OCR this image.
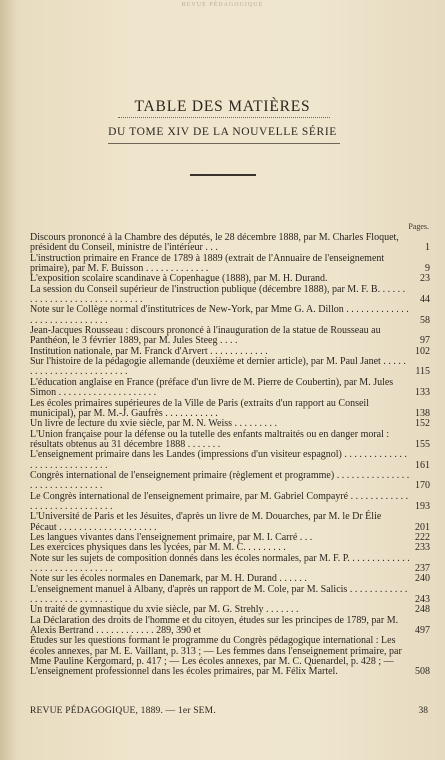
REVUE PÉDAGOGIQUE
TABLE DES MATIÈRES
DU TOME XIV DE LA NOUVELLE SÉRIE
Pages.
Discours prononcé à la Chambre des députés, le 28 décembre 1888, par M. Charles Floquet, président du Conseil, ministre de l'intérieur . . .	1
L'instruction primaire en France de 1789 à 1889 (extrait de l'Annuaire de l'enseignement primaire), par M. F. Buisson . . . . . . . . . . . . .	9
L'exposition scolaire scandinave à Copenhague (1888), par M. H. Durand.	23
La session du Conseil supérieur de l'instruction publique (décembre 1888), par M. F. B. . . . . . . . . . . . . . . . . . . . . . . . . . . . .	44
Note sur le Collège normal d'institutrices de New-York, par Mme G. A. Dillon . . . . . . . . . . . . . . . . . . . . . . . . . . . . .	58
Jean-Jacques Rousseau : discours prononcé à l'inauguration de la statue de Rousseau au Panthéon, le 3 février 1889, par M. Jules Steeg . . . .	97
Institution nationale, par M. Franck d'Arvert . . . . . . . . . . . .	102
Sur l'histoire de la pédagogie allemande (deuxième et dernier article), par M. Paul Janet . . . . . . . . . . . . . . . . . . . . . . . . .	115
L'éducation anglaise en France (préface d'un livre de M. Pierre de Coubertin), par M. Jules Simon . . . . . . . . . . . . . . . . . . . .	133
Les écoles primaires supérieures de la Ville de Paris (extraits d'un rapport au Conseil municipal), par M. M.-J. Gaufrès . . . . . . . . . . .	138
Un livre de lecture du xvie siècle, par M. N. Weiss . . . . . . . . .	152
L'Union française pour la défense ou la tutelle des enfants maltraités ou en danger moral : résultats obtenus au 31 décembre 1888 . . . . . . .	155
L'enseignement primaire dans les Landes (impressions d'un visiteur espagnol) . . . . . . . . . . . . . . . . . . . . . . . . . . . . .	161
Congrès international de l'enseignement primaire (règlement et programme) . . . . . . . . . . . . . . . . . . . . . . . . . . . . . .	170
Le Congrès international de l'enseignement primaire, par M. Gabriel Compayré . . . . . . . . . . . . . . . . . . . . . . . . . . . . .	193
L'Université de Paris et les Jésuites, d'après un livre de M. Douarches, par M. le Dr Élie Pécaut . . . . . . . . . . . . . . . . . . . .	201
Les langues vivantes dans l'enseignement primaire, par M. I. Carré . . .	222
Les exercices physiques dans les lycées, par M. M. C. . . . . . . . .	233
Note sur les sujets de composition donnés dans les écoles normales, par M. F. P. . . . . . . . . . . . . . . . . . . . . . . . . . . . . .	237
Note sur les écoles normales en Danemark, par M. H. Durand . . . . . .	240
L'enseignement manuel à Albany, d'après un rapport de M. Cole, par M. Salicis . . . . . . . . . . . . . . . . . . . . . . . . . . . . .	243
Un traité de gymnastique du xvie siècle, par M. G. Strehly . . . . . . .	248
La Déclaration des droits de l'homme et du citoyen, études sur les principes de 1789, par M. Alexis Bertrand . . . . . . . . . . . . 289, 390 et	497
Études sur les questions formant le programme du Congrès pédagogique international : Les écoles annexes, par M. E. Vaillant, p. 313 ; — Les femmes dans l'enseignement primaire, par Mme Pauline Kergomard, p. 417 ; — Les écoles annexes, par M. C. Quenardel, p. 428 ; — L'enseignement professionnel dans les écoles primaires, par M. Félix Martel.	508
REVUE PÉDAGOGIQUE, 1889. — 1er SEM.	38
